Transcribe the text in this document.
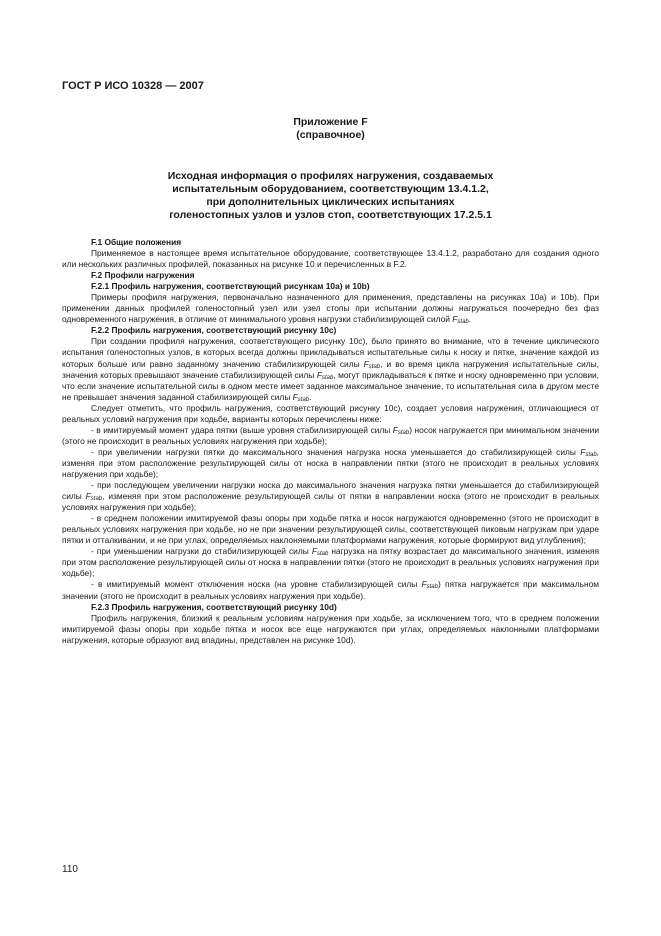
ГОСТ Р ИСО 10328 — 2007
Приложение F
(справочное)
Исходная информация о профилях нагружения, создаваемых
испытательным оборудованием, соответствующим 13.4.1.2,
при дополнительных циклических испытаниях
голеностопных узлов и узлов стоп, соответствующих 17.2.5.1
F.1 Общие положения

Применяемое в настоящее время испытательное оборудование, соответствующее 13.4.1.2, разработано для создания одного или нескольких различных профилей, показанных на рисунке 10 и перечисленных в F.2.

F.2 Профили нагружения
F.2.1 Профиль нагружения, соответствующий рисункам 10а) и 10b)

Примеры профиля нагружения, первоначально назначенного для применения, представлены на рисунках 10а) и 10b). При применении данных профилей голеностопный узел или узел стопы при испытании должны нагружаться поочередно без фаз одновременного нагружения, в отличие от минимального уровня нагрузки стабилизирующей силой $F_{stab}$.

F.2.2 Профиль нагружения, соответствующий рисунку 10c)

При создании профиля нагружения, соответствующего рисунку 10с), было принято во внимание, что в течение циклического испытания голеностопных узлов, в которых всегда должны прикладываться испытательные силы к носку и пятке, значение каждой из которых больше или равно заданному значению стабилизирующей силы $F_{stab}$, и во время цикла нагружения испытательные силы, значения которых превышают значение стабилизирующей силы $F_{stab}$, могут прикладываться к пятке и носку одновременно при условии, что если значение испытательной силы в одном месте имеет заданное максимальное значение, то испытательная сила в другом месте не превышает значения заданной стабилизирующей силы $F_{stab}$.

Следует отметить, что профиль нагружения, соответствующий рисунку 10с), создает условия нагружения, отличающиеся от реальных условий нагружения при ходьбе, варианты которых перечислены ниже:

- в имитируемый момент удара пятки (выше уровня стабилизирующей силы $F_{stab}$) носок нагружается при минимальном значении (этого не происходит в реальных условиях нагружения при ходьбе);

- при увеличении нагрузки пятки до максимального значения нагрузка носка уменьшается до стабилизирующей силы $F_{stab}$, изменяя при этом расположение результирующей силы от носка в направлении пятки (этого не происходит в реальных условиях нагружения при ходьбе);

- при последующем увеличении нагрузки носка до максимального значения нагрузка пятки уменьшается до стабилизирующей силы $F_{stab}$, изменяя при этом расположение результирующей силы от пятки в направлении носка (этого не происходит в реальных условиях нагружения при ходьбе);

- в среднем положении имитируемой фазы опоры при ходьбе пятка и носок нагружаются одновременно (этого не происходит в реальных условиях нагружения при ходьбе, но не при значении результирующей силы, соответствующей пиковым нагрузкам при ударе пятки и отталкивании, и не при углах, определяемых наклоняемыми платформами нагружения, которые формируют вид углубления);

- при уменьшении нагрузки до стабилизирующей силы $F_{stab}$ нагрузка на пятку возрастает до максимального значения, изменяя при этом расположение результирующей силы от носка в направлении пятки (этого не происходит в реальных условиях нагружения при ходьбе);

- в имитируемый момент отключения носка (на уровне стабилизирующей силы $F_{stab}$) пятка нагружается при максимальном значении (этого не происходит в реальных условиях нагружения при ходьбе).

F.2.3 Профиль нагружения, соответствующий рисунку 10d)

Профиль нагружения, близкий к реальным условиям нагружения при ходьбе, за исключением того, что в среднем положении имитируемой фазы опоры при ходьбе пятка и носок все еще нагружаются при углах, определяемых наклонными платформами нагружения, которые образуют вид впадины, представлен на рисунке 10d).

110
